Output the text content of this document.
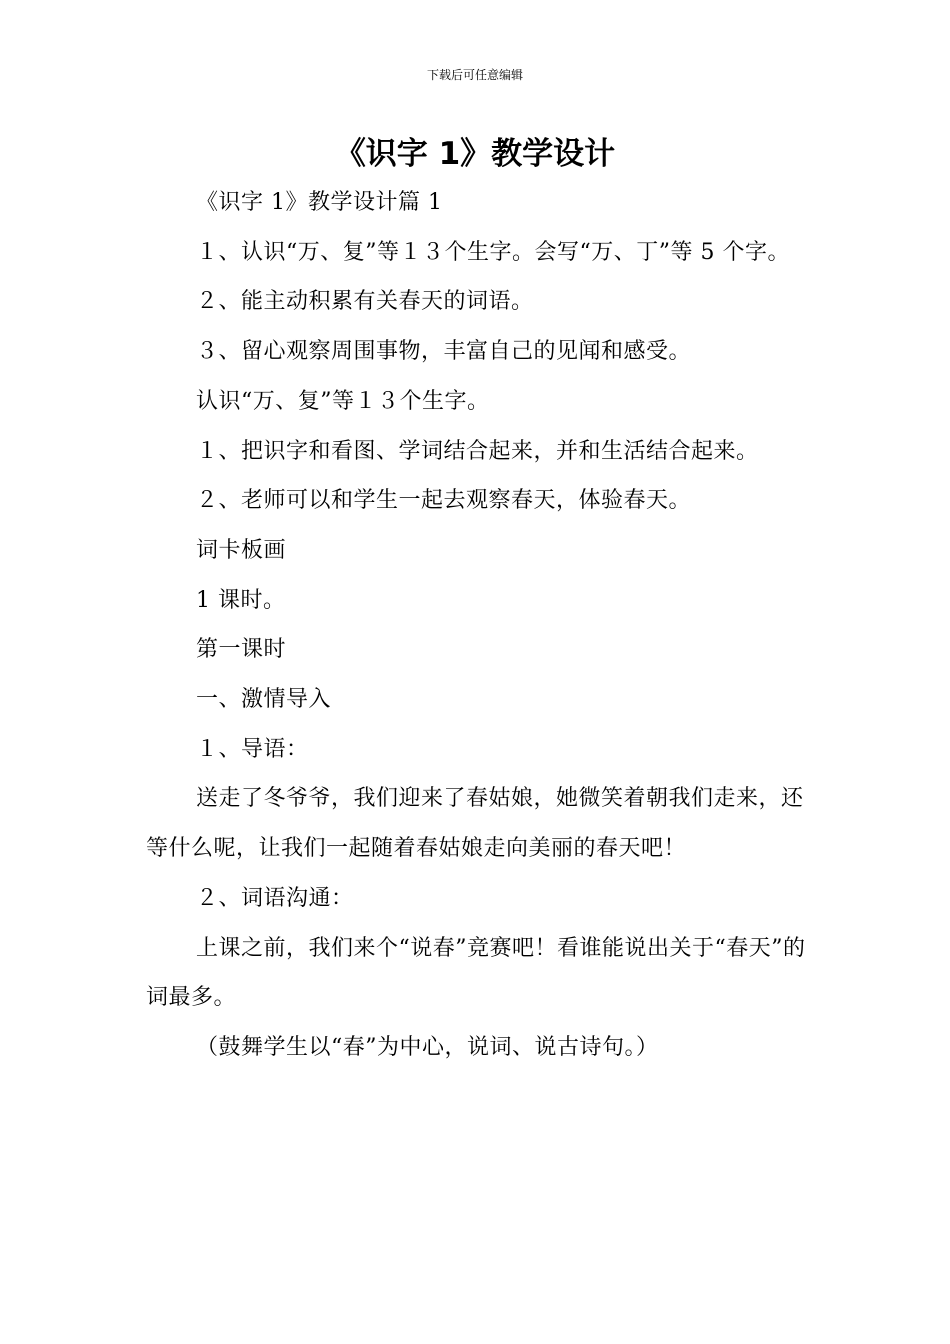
下载后可任意编辑
《识字 1》教学设计

《识字 1》教学设计篇 1

１、认识“万、复”等１３个生字。会写“万、丁”等 5 个字。

２、能主动积累有关春天的词语。

３、留心观察周围事物，丰富自己的见闻和感受。

认识“万、复”等１３个生字。

１、把识字和看图、学词结合起来，并和生活结合起来。

２、老师可以和学生一起去观察春天，体验春天。

词卡板画

1 课时。

第一课时

一、激情导入

１、导语：

送走了冬爷爷，我们迎来了春姑娘，她微笑着朝我们走来，还等什么呢，让我们一起随着春姑娘走向美丽的春天吧！

２、词语沟通：

上课之前，我们来个“说春”竞赛吧！看谁能说出关于“春天”的词最多。

（鼓舞学生以“春”为中心，说词、说古诗句。）
